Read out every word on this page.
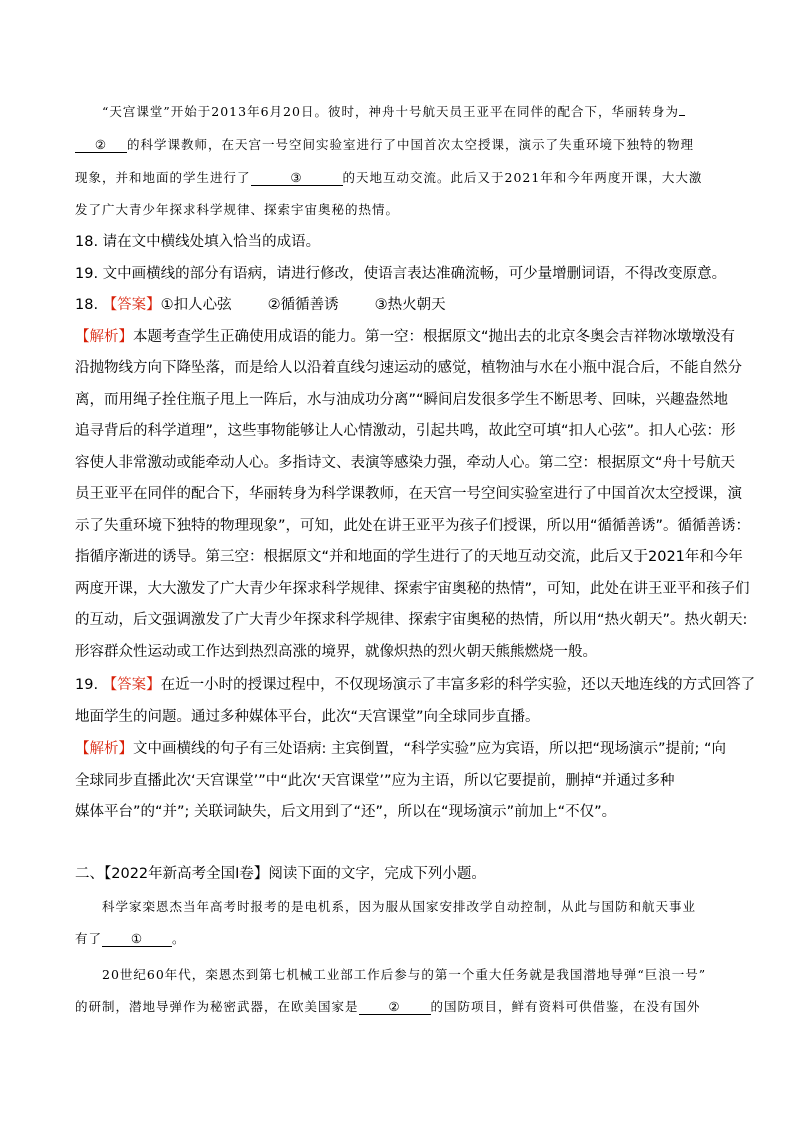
“天宫课堂”开始于2013年6月20日。彼时，神舟十号航天员王亚平在同伴的配合下，华丽转身为
② 的科学课教师，在天宫一号空间实验室进行了中国首次太空授课，演示了失重环境下独特的物理
现象，并和地面的学生进行了	③	的天地互动交流。此后又于2021年和今年两度开课，大大激
发了广大青少年探求科学规律、探索宇宙奥秘的热情。
18. 请在文中横线处填入恰当的成语。
19. 文中画横线的部分有语病，请进行修改，使语言表达准确流畅，可少量增删词语，不得改变原意。
18. 【答案】①扣人心弦 ②循循善诱 ③热火朝天
【解析】本题考查学生正确使用成语的能力。第一空：根据原文“抛出去的北京冬奥会吉祥物冰墩墩没有
沿抛物线方向下降坠落，而是给人以沿着直线匀速运动的感觉，植物油与水在小瓶中混合后，不能自然分
离，而用绳子拴住瓶子甩上一阵后，水与油成功分离”“瞬间启发很多学生不断思考、回味，兴趣盎然地
追寻背后的科学道理”，这些事物能够让人心情激动，引起共鸣，故此空可填“扣人心弦”。扣人心弦：形
容使人非常激动或能牵动人心。多指诗文、表演等感染力强，牵动人心。第二空：根据原文“舟十号航天
员王亚平在同伴的配合下，华丽转身为科学课教师，在天宫一号空间实验室进行了中国首次太空授课，演
示了失重环境下独特的物理现象”，可知，此处在讲王亚平为孩子们授课，所以用“循循善诱”。循循善诱：
指循序渐进的诱导。第三空：根据原文“并和地面的学生进行了的天地互动交流，此后又于2021年和今年
两度开课，大大激发了广大青少年探求科学规律、探索宇宙奥秘的热情”，可知，此处在讲王亚平和孩子们
的互动，后文强调激发了广大青少年探求科学规律、探索宇宙奥秘的热情，所以用“热火朝天”。热火朝天:
形容群众性运动或工作达到热烈高涨的境界，就像炽热的烈火朝天熊熊燃烧一般。
19. 【答案】在近一小时的授课过程中，不仅现场演示了丰富多彩的科学实验，还以天地连线的方式回答了
地面学生的问题。通过多种媒体平台，此次“天宫课堂”向全球同步直播。
【解析】文中画横线的句子有三处语病: 主宾倒置，“科学实验”应为宾语，所以把“现场演示”提前; “向
全球同步直播此次‘天宫课堂’”中“此次‘天宫课堂’”应为主语，所以它要提前，删掉“并通过多种
媒体平台”的“并”; 关联词缺失，后文用到了“还”，所以在“现场演示”前加上“不仅”。
二、【2022年新高考全国Ⅰ卷】阅读下面的文字，完成下列小题。
科学家栾恩杰当年高考时报考的是电机系，因为服从国家安排改学自动控制，从此与国防和航天事业
有了 ① 。
20世纪60年代，栾恩杰到第七机械工业部工作后参与的第一个重大任务就是我国潜地导弹“巨浪一号”
的研制，潜地导弹作为秘密武器，在欧美国家是 ② 的国防项目，鲜有资料可供借鉴，在没有国外
